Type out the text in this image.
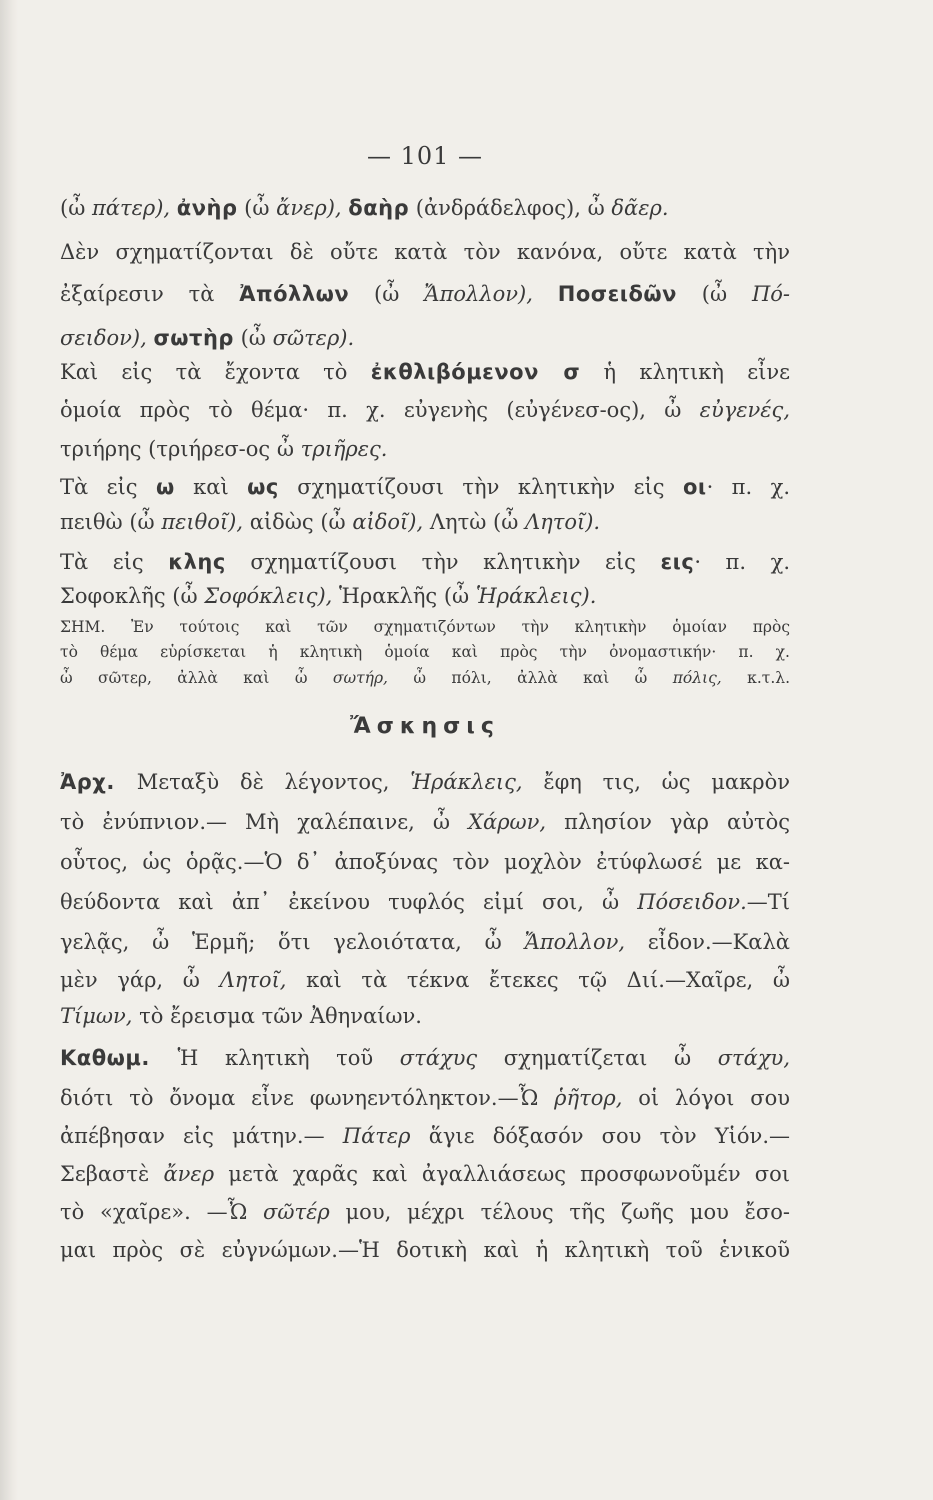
— 101 —
Ἄσκησις
(ὦ πάτερ), ἀνὴρ (ὦ ἄνερ), δαὴρ (ἀνδράδελφος), ὦ δᾶερ.
Δὲν σχηματίζονται δὲ οὔτε κατὰ τὸν κανόνα, οὔτε κατὰ τὴν
ἐξαίρεσιν τὰ Ἀπόλλων (ὦ Ἄπολλον), Ποσειδῶν (ὦ Πό-
σειδον), σωτὴρ (ὦ σῶτερ).
Καὶ εἰς τὰ ἔχοντα τὸ ἐκθλιβόμενον σ ἡ κλητικὴ εἶνε
ὁμοία πρὸς τὸ θέμα· π. χ. εὐγενὴς (εὐγένεσ-ος), ὦ εὐγενές,
τριήρης (τριήρεσ-ος ὦ τριῆρες.
Τὰ εἰς ω καὶ ως σχηματίζουσι τὴν κλητικὴν εἰς οι· π. χ.
πειθὼ (ὦ πειθοῖ), αἰδὼς (ὦ αἰδοῖ), Λητὼ (ὦ Λητοῖ).
Τὰ εἰς κλης σχηματίζουσι τὴν κλητικὴν εἰς εις· π. χ.
Σοφοκλῆς (ὦ Σοφόκλεις), Ἡρακλῆς (ὦ Ἡράκλεις).
ΣΗΜ. Ἐν τούτοις καὶ τῶν σχηματιζόντων τὴν κλητικὴν ὁμοίαν πρὸς
τὸ θέμα εὑρίσκεται ἡ κλητικὴ ὁμοία καὶ πρὸς τὴν ὀνομαστικήν· π. χ.
ὦ σῶτερ, ἀλλὰ καὶ ὦ σωτήρ, ὦ πόλι, ἀλλὰ καὶ ὦ πόλις, κ.τ.λ.
Ἀρχ. Μεταξὺ δὲ λέγοντος, Ἡράκλεις, ἔφη τις, ὡς μακρὸν
τὸ ἐνύπνιον.— Μὴ χαλέπαινε, ὦ Χάρων, πλησίον γὰρ αὐτὸς
οὗτος, ὡς ὁρᾷς.—Ὁ δ᾽ ἀποξύνας τὸν μοχλὸν ἐτύφλωσέ με κα-
θεύδοντα καὶ ἀπ᾽ ἐκείνου τυφλός εἰμί σοι, ὦ Πόσειδον.—Τί
γελᾷς, ὦ Ἑρμῆ; ὅτι γελοιότατα, ὦ Ἄπολλον, εἶδον.—Καλὰ
μὲν γάρ, ὦ Λητοῖ, καὶ τὰ τέκνα ἔτεκες τῷ Διί.—Χαῖρε, ὦ
Τίμων, τὸ ἔρεισμα τῶν Ἀθηναίων.
Καθωμ. Ἡ κλητικὴ τοῦ στάχυς σχηματίζεται ὦ στάχυ,
διότι τὸ ὄνομα εἶνε φωνηεντόληκτον.—Ὦ ῥῆτορ, οἱ λόγοι σου
ἀπέβησαν εἰς μάτην.— Πάτερ ἅγιε δόξασόν σου τὸν Υἱόν.—
Σεβαστὲ ἄνερ μετὰ χαρᾶς καὶ ἀγαλλιάσεως προσφωνοῦμέν σοι
τὸ «χαῖρε». —Ὦ σῶτέρ μου, μέχρι τέλους τῆς ζωῆς μου ἔσο-
μαι πρὸς σὲ εὐγνώμων.—Ἡ δοτικὴ καὶ ἡ κλητικὴ τοῦ ἑνικοῦ
